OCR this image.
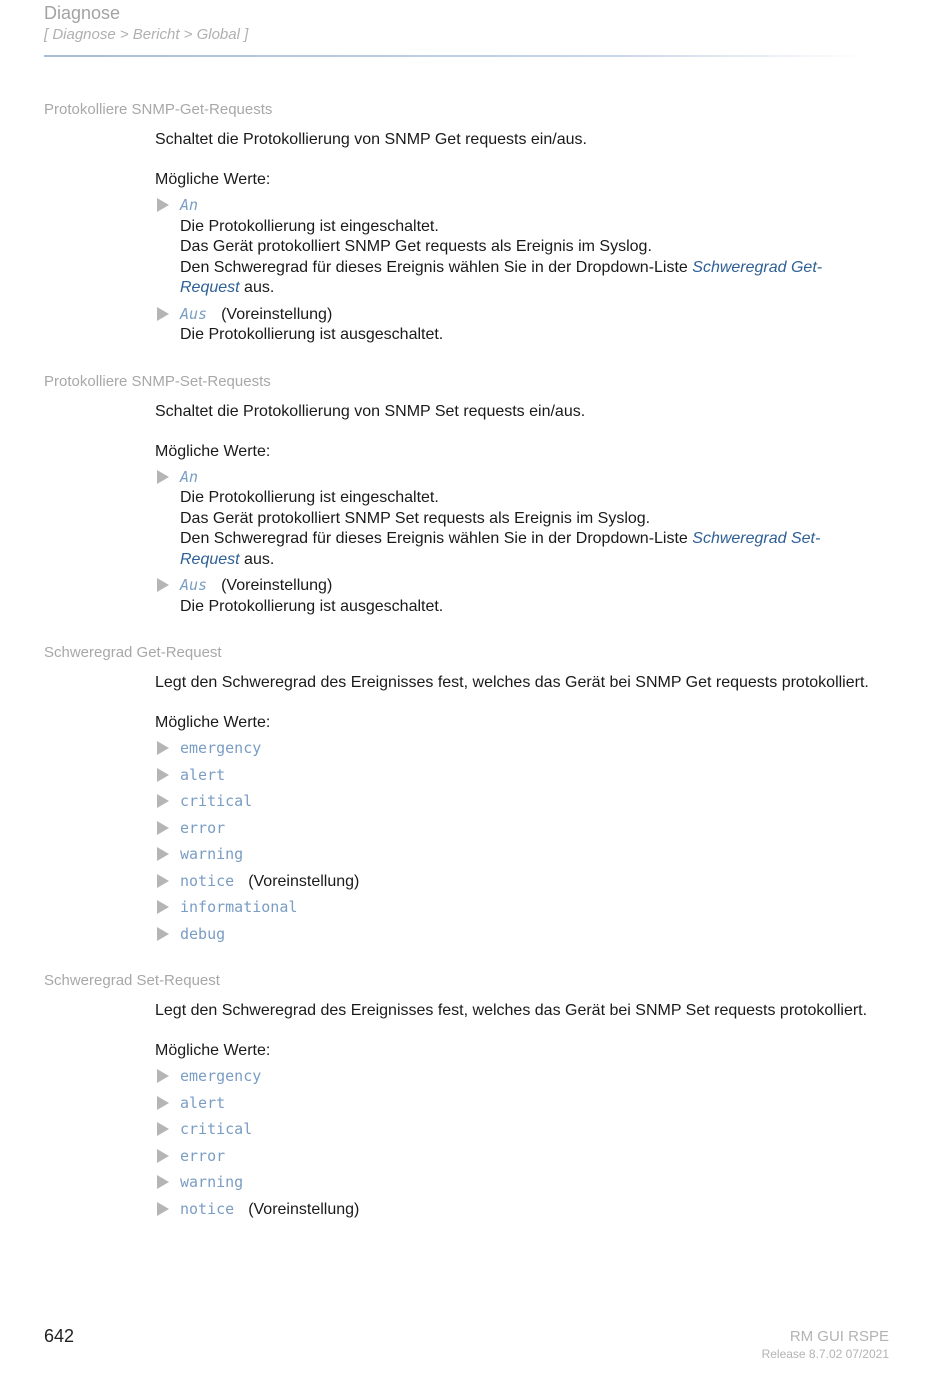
Diagnose
[ Diagnose > Bericht > Global ]
Protokolliere SNMP-Get-Requests
Schaltet die Protokollierung von SNMP Get requests ein/aus.
Mögliche Werte:
An
Die Protokollierung ist eingeschaltet.
Das Gerät protokolliert SNMP Get requests als Ereignis im Syslog.
Den Schweregrad für dieses Ereignis wählen Sie in der Dropdown-Liste Schweregrad Get-Request aus.
Aus (Voreinstellung)
Die Protokollierung ist ausgeschaltet.
Protokolliere SNMP-Set-Requests
Schaltet die Protokollierung von SNMP Set requests ein/aus.
Mögliche Werte:
An
Die Protokollierung ist eingeschaltet.
Das Gerät protokolliert SNMP Set requests als Ereignis im Syslog.
Den Schweregrad für dieses Ereignis wählen Sie in der Dropdown-Liste Schweregrad Set-Request aus.
Aus (Voreinstellung)
Die Protokollierung ist ausgeschaltet.
Schweregrad Get-Request
Legt den Schweregrad des Ereignisses fest, welches das Gerät bei SNMP Get requests protokolliert.
Mögliche Werte:
emergency
alert
critical
error
warning
notice (Voreinstellung)
informational
debug
Schweregrad Set-Request
Legt den Schweregrad des Ereignisses fest, welches das Gerät bei SNMP Set requests protokolliert.
Mögliche Werte:
emergency
alert
critical
error
warning
notice (Voreinstellung)
642	RM GUI RSPE
Release 8.7.02 07/2021
